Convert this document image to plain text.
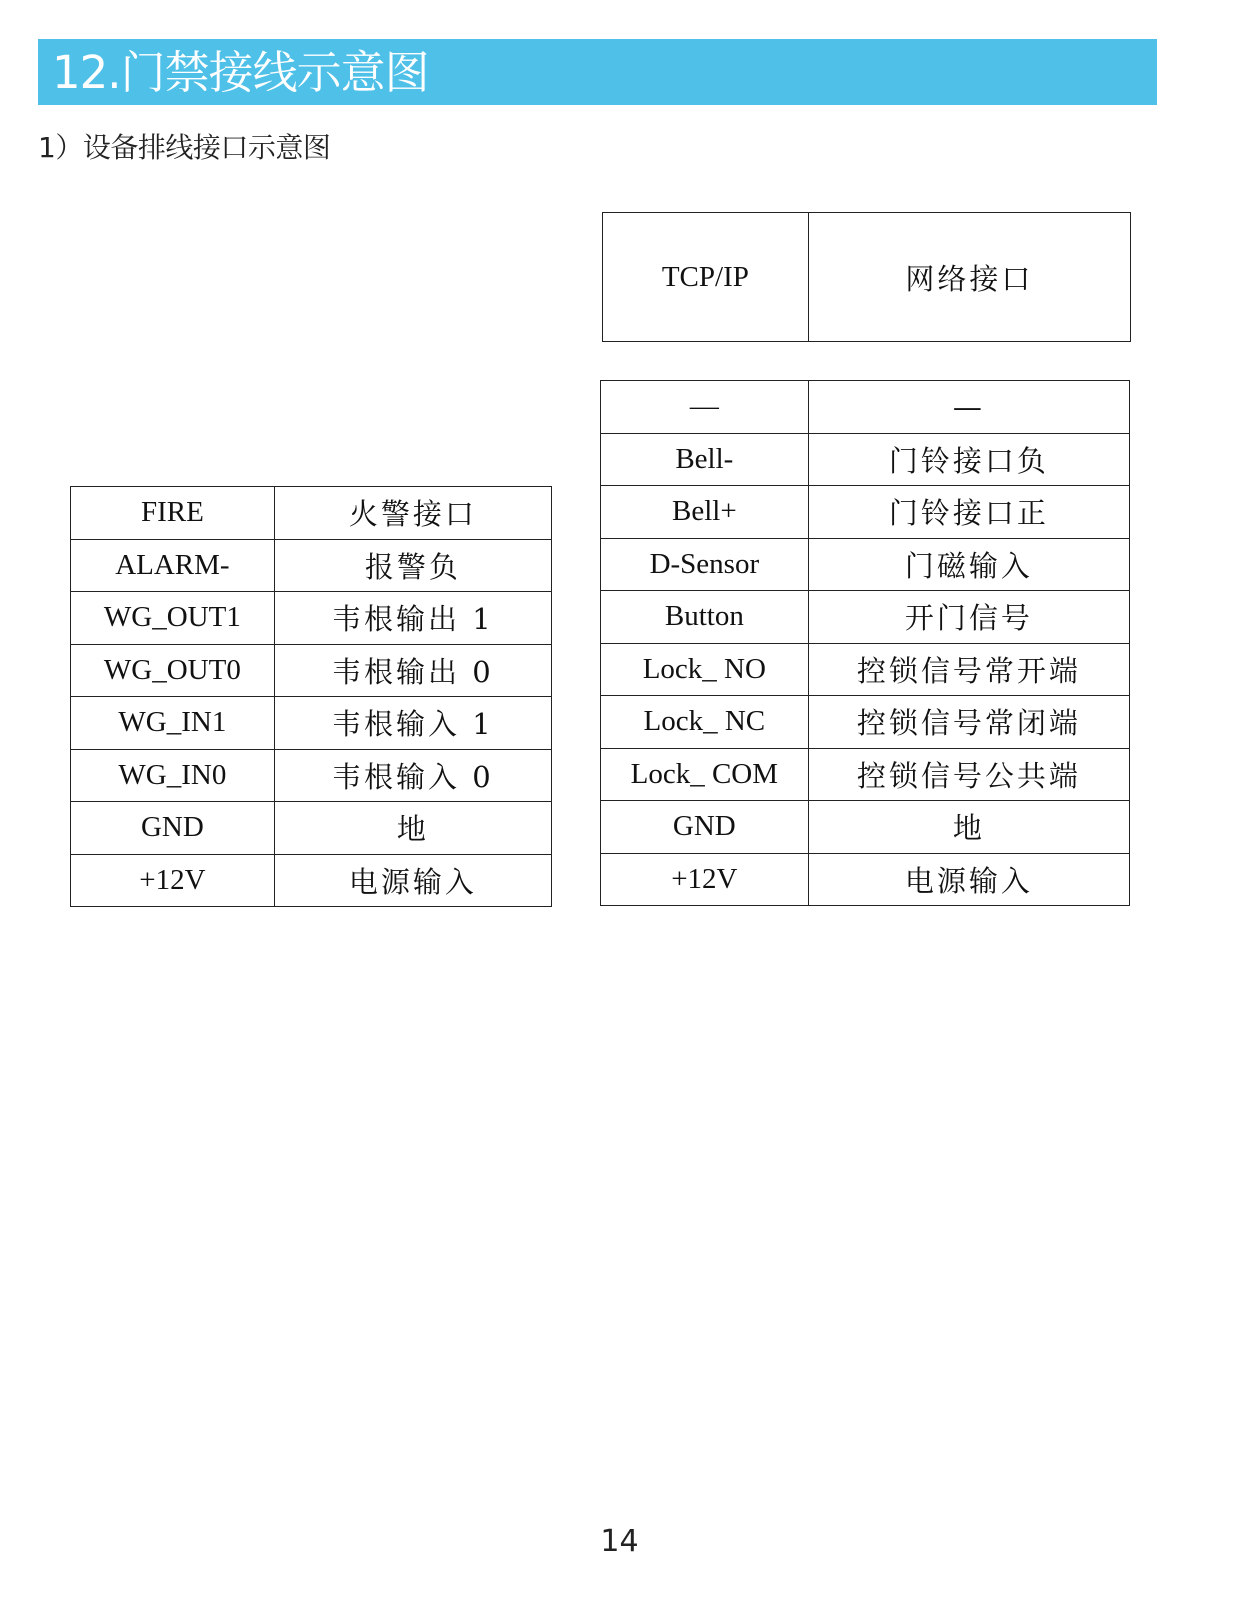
12.门禁接线示意图
1）设备排线接口示意图
TCP/IP	网络接口
—	—
Bell-	门铃接口负
Bell+	门铃接口正
D-Sensor	门磁输入
Button	开门信号
Lock_ NO	控锁信号常开端
Lock_ NC	控锁信号常闭端
Lock_ COM	控锁信号公共端
GND	地
+12V	电源输入
FIRE	火警接口
ALARM-	报警负
WG_OUT1	韦根输出 1
WG_OUT0	韦根输出 0
WG_IN1	韦根输入 1
WG_IN0	韦根输入 0
GND	地
+12V	电源输入
14
